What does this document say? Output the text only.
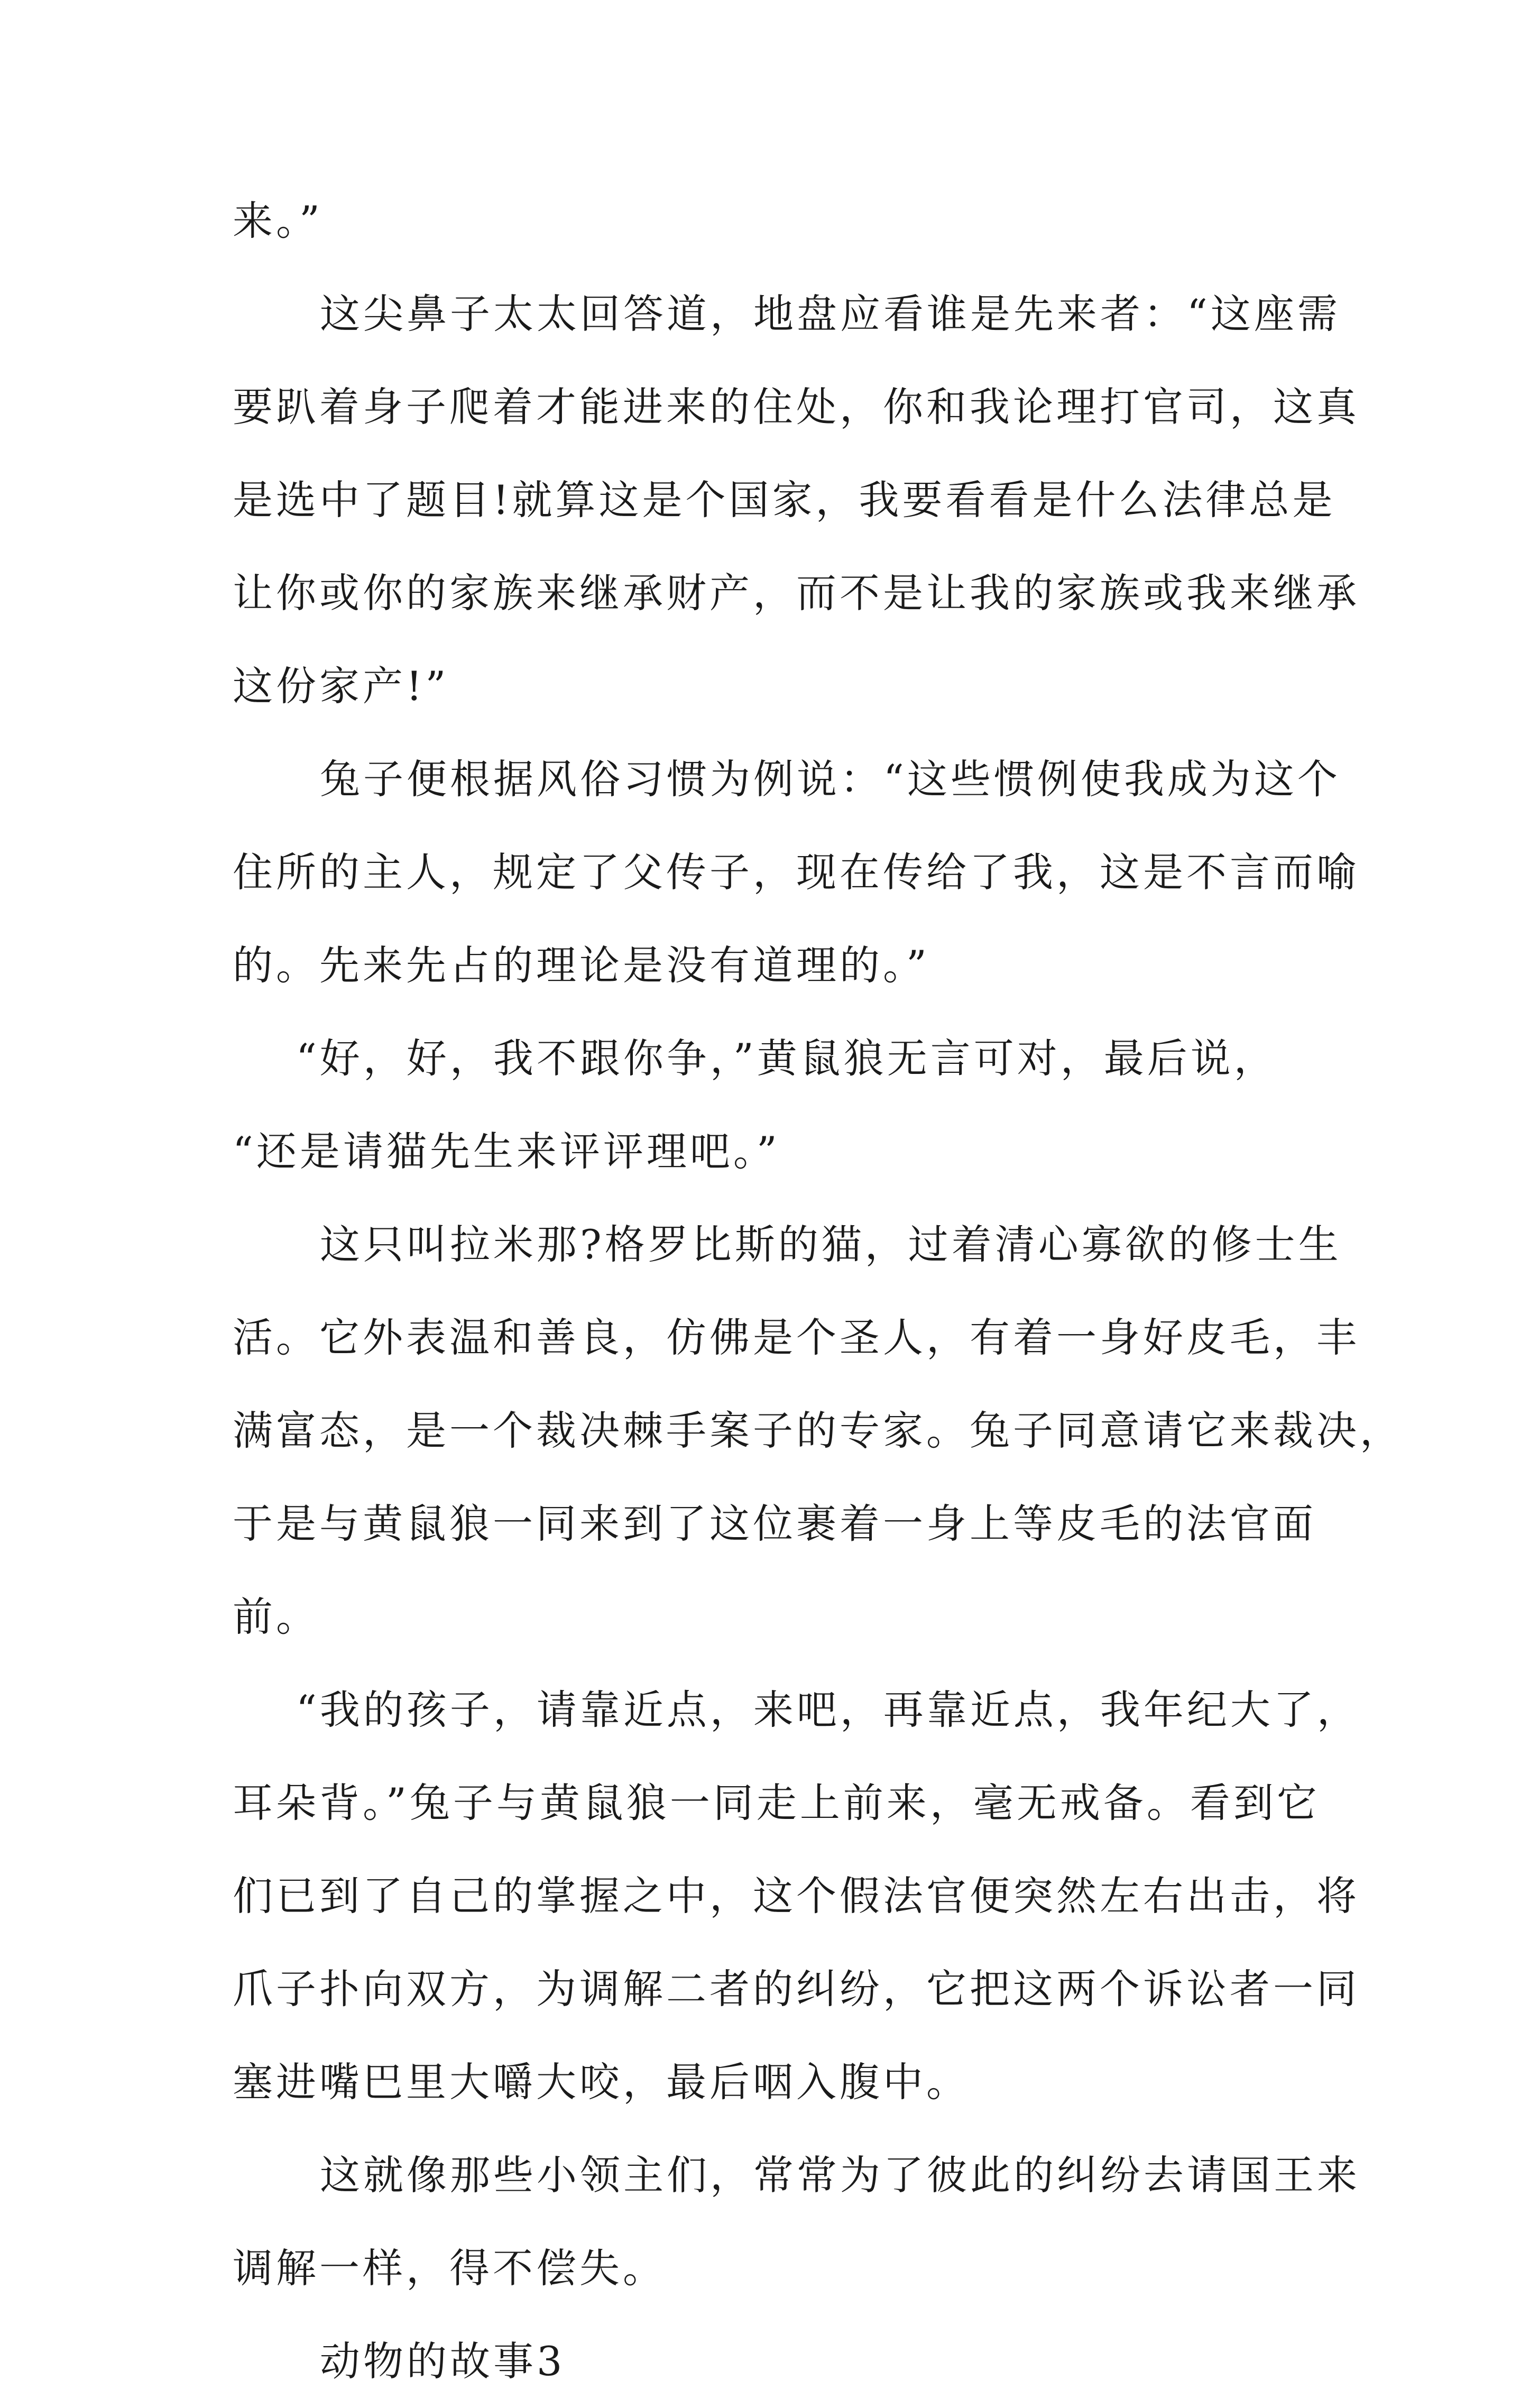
来。”
这尖鼻子太太回答道，地盘应看谁是先来者：“这座需
要趴着身子爬着才能进来的住处，你和我论理打官司，这真
是选中了题目!就算这是个国家，我要看看是什么法律总是
让你或你的家族来继承财产，而不是让我的家族或我来继承
这份家产!”
兔子便根据风俗习惯为例说：“这些惯例使我成为这个
住所的主人，规定了父传子，现在传给了我，这是不言而喻
的。先来先占的理论是没有道理的。”
“好，好，我不跟你争，”黄鼠狼无言可对，最后说，
“还是请猫先生来评评理吧。”
这只叫拉米那?格罗比斯的猫，过着清心寡欲的修士生
活。它外表温和善良，仿佛是个圣人，有着一身好皮毛，丰
满富态，是一个裁决棘手案子的专家。兔子同意请它来裁决，
于是与黄鼠狼一同来到了这位裹着一身上等皮毛的法官面
前。
“我的孩子，请靠近点，来吧，再靠近点，我年纪大了，
耳朵背。”兔子与黄鼠狼一同走上前来，毫无戒备。看到它
们已到了自己的掌握之中，这个假法官便突然左右出击，将
爪子扑向双方，为调解二者的纠纷，它把这两个诉讼者一同
塞进嘴巴里大嚼大咬，最后咽入腹中。
这就像那些小领主们，常常为了彼此的纠纷去请国王来
调解一样，得不偿失。
动物的故事3
